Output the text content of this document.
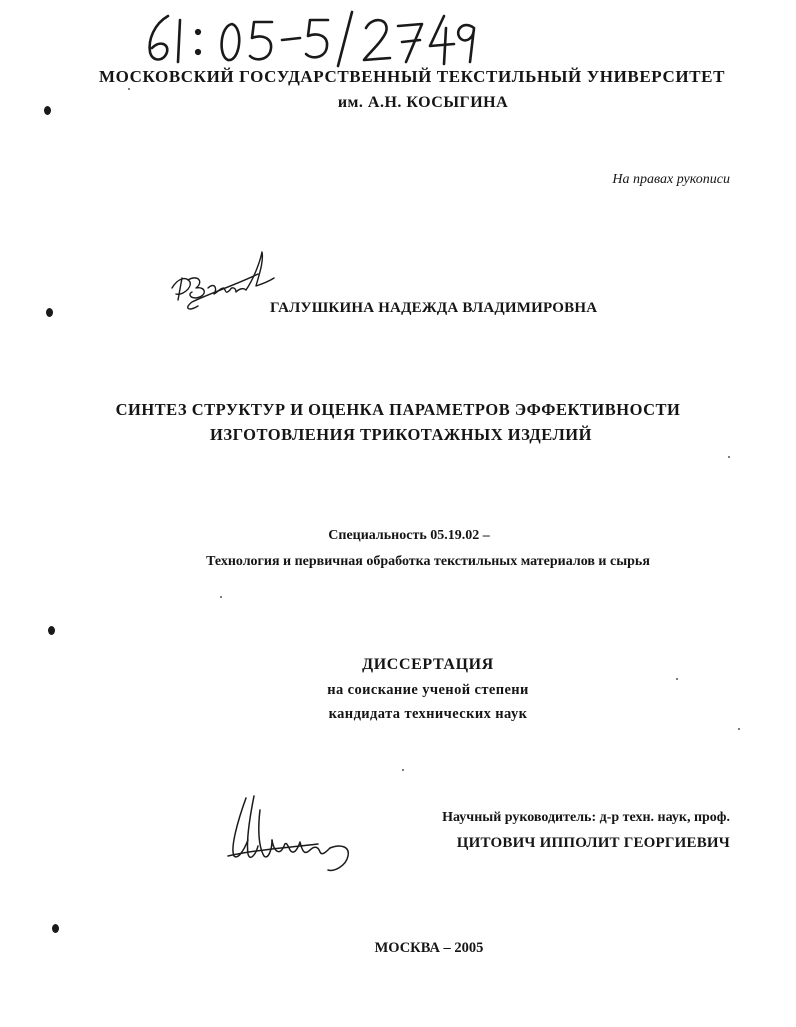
МОСКОВСКИЙ ГОСУДАРСТВЕННЫЙ ТЕКСТИЛЬНЫЙ УНИВЕРСИТЕТ
им. А.Н. КОСЫГИНА
На правах рукописи
ГАЛУШКИНА НАДЕЖДА ВЛАДИМИРОВНА
СИНТЕЗ СТРУКТУР И ОЦЕНКА ПАРАМЕТРОВ ЭФФЕКТИВНОСТИ
ИЗГОТОВЛЕНИЯ ТРИКОТАЖНЫХ ИЗДЕЛИЙ
Специальность 05.19.02 –
Технология и первичная обработка текстильных материалов и сырья
ДИССЕРТАЦИЯ
на соискание ученой степени
кандидата технических наук
Научный руководитель: д-р техн. наук, проф.
ЦИТОВИЧ ИППОЛИТ ГЕОРГИЕВИЧ
МОСКВА – 2005
